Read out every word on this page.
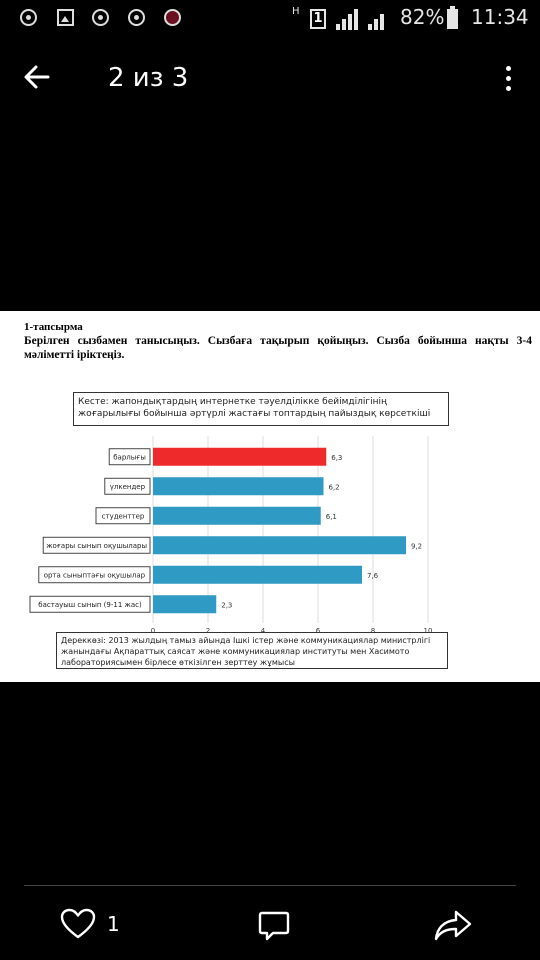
H 1	82% 11:34
2 из 3
1-тапсырма
Берілген сызбамен танысыңыз. Сызбаға тақырып қойыңыз. Сызба бойынша нақты 3-4 мәліметті іріктеңіз.
Кесте: жапондықтардың интернетке тәуелділікке бейімділігінің жоғарылығы бойынша әртүрлі жастағы топтардың пайыздық көрсеткіші
0	2	4	6	8	10
6,3
барлығы
6,2
үлкендер
6,1
студенттер
9,2
жоғары сынып оқушылары
7,6
орта сыныптағы оқушылар
2,3
бастауыш сынып (9-11 жас)
Дереккөзі: 2013 жылдың тамыз айында Ішкі істер және коммуникациялар министрлігі жанындағы Ақпараттық саясат және коммуникациялар институты мен Хасимото лабораториясымен бірлесе өткізілген зерттеу жұмысы
1
